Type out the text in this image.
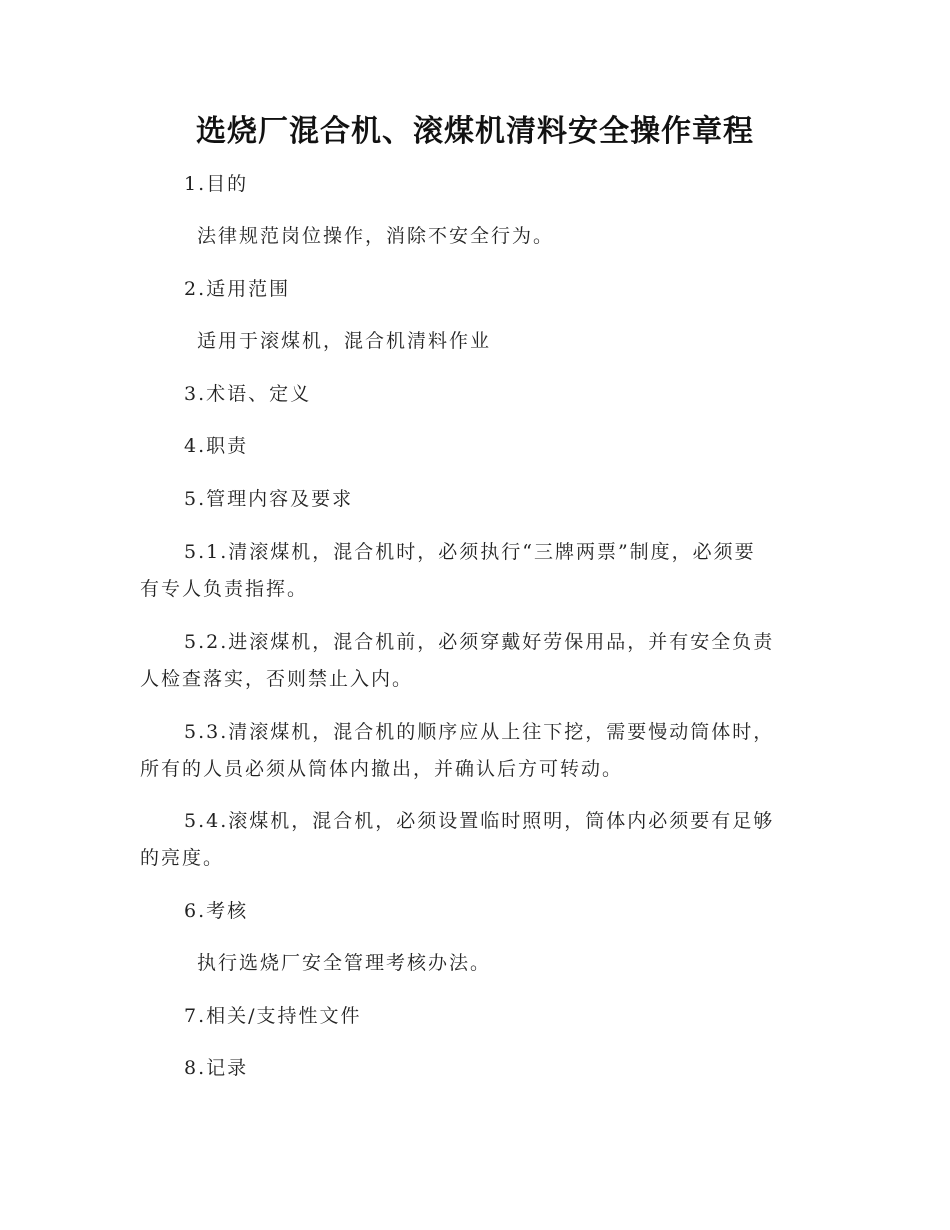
选烧厂混合机、滚煤机清料安全操作章程
1.目的
法律规范岗位操作，消除不安全行为。
2.适用范围
适用于滚煤机，混合机清料作业
3.术语、定义
4.职责
5.管理内容及要求
5.1.清滚煤机，混合机时，必须执行“三牌两票”制度，必须要
有专人负责指挥。
5.2.进滚煤机，混合机前，必须穿戴好劳保用品，并有安全负责
人检查落实，否则禁止入内。
5.3.清滚煤机，混合机的顺序应从上往下挖，需要慢动筒体时，
所有的人员必须从筒体内撤出，并确认后方可转动。
5.4.滚煤机，混合机，必须设置临时照明，筒体内必须要有足够
的亮度。
6.考核
执行选烧厂安全管理考核办法。
7.相关/支持性文件
8.记录
